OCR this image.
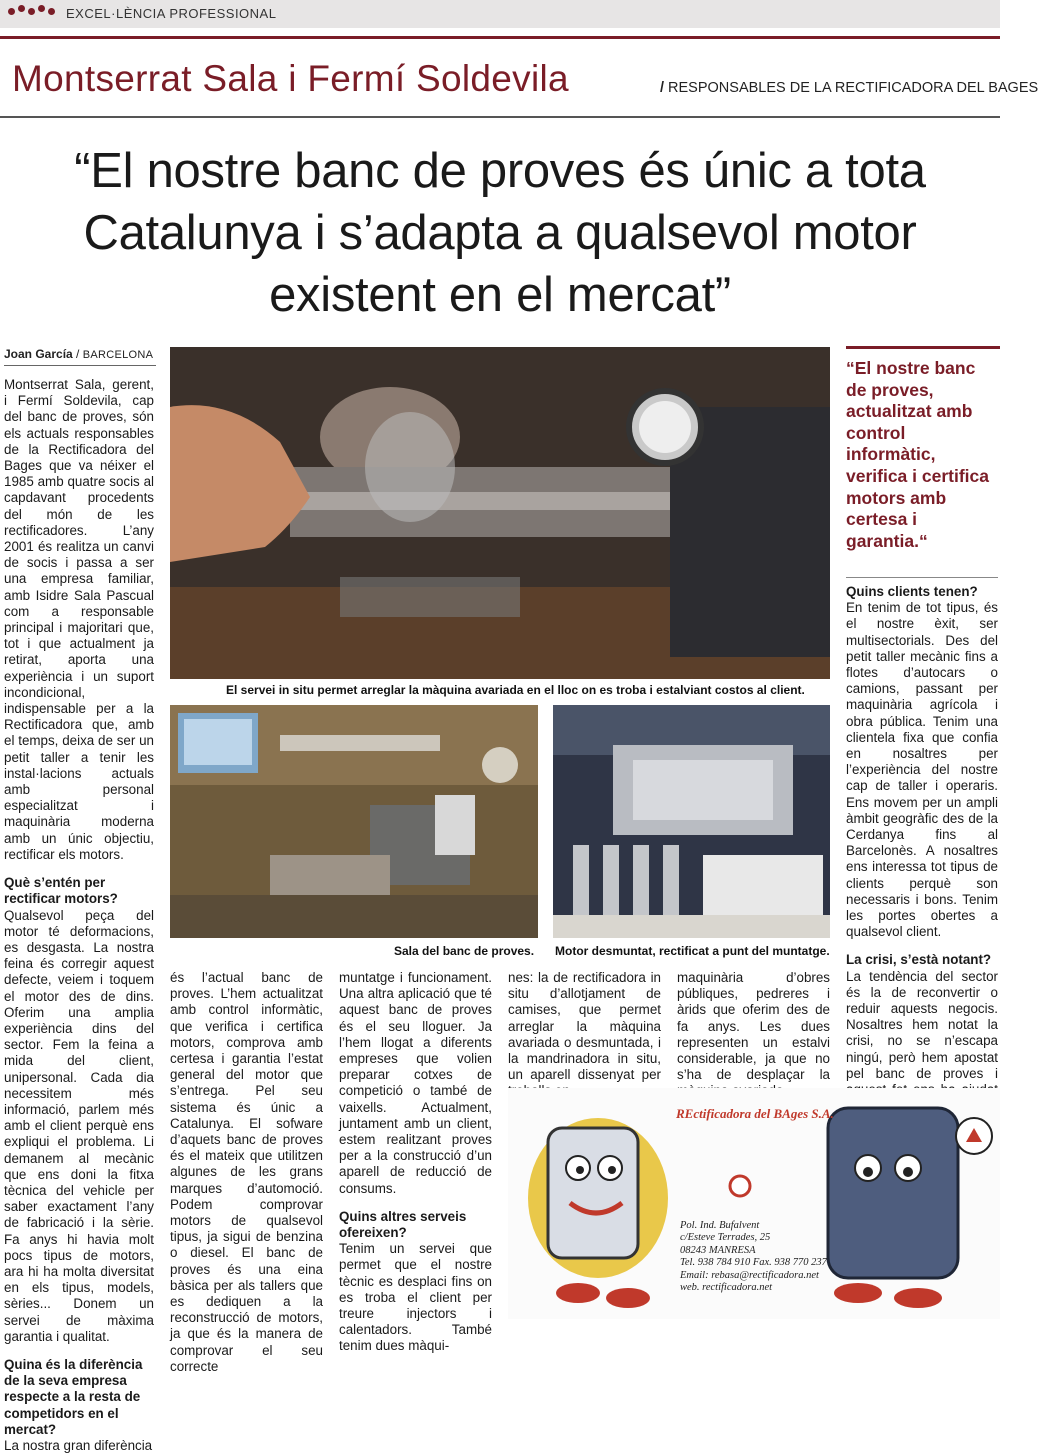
EXCEL·LÈNCIA PROFESSIONAL
Montserrat Sala i Fermí Soldevila	/ RESPONSABLES DE LA RECTIFICADORA DEL BAGES
“El nostre banc de proves és únic a tota Catalunya i s’adapta a qualsevol motor existent en el mercat”
Joan García / BARCELONA

Montserrat Sala, gerent, i Fermí Soldevila, cap del banc de proves, són els actuals responsables de la Rectificadora del Bages que va néixer el 1985 amb quatre socis al capdavant procedents del món de les rectificadores. L’any 2001 és realitza un canvi de socis i passa a ser una empresa familiar, amb Isidre Sala Pascual com a responsable principal i majoritari que, tot i que actualment ja retirat, aporta una experiència i un suport incondicional, indispensable per a la Rectificadora que, amb el temps, deixa de ser un petit taller a tenir les instal·lacions actuals amb personal especialitzat i maquinària moderna amb un únic objectiu, rectificar els motors.

Què s’entén per rectificar motors?

Qualsevol peça del motor té deformacions, es desgasta. La nostra feina és corregir aquest defecte, veiem i toquem el motor des de dins. Oferim una amplia experiència dins del sector. Fem la feina a mida del client, unipersonal. Cada dia necessitem més informació, parlem més amb el client perquè ens expliqui el problema. Li demanem al mecànic que ens doni la fitxa tècnica del vehicle per saber exactament l’any de fabricació i la sèrie. Fa anys hi havia molt pocs tipus de motors, ara hi ha molta diversitat en els tipus, models, sèries... Donem un servei de màxima garantia i qualitat.

Quina és la diferència de la seva empresa respecte a la resta de competidors en el mercat?

La nostra gran diferència

El servei in situ permet arreglar la màquina avariada en el lloc on es troba i estalviant costos al client.
Sala del banc de proves. Motor desmuntat, rectificat a punt del muntatge.

és l’actual banc de proves. L’hem actualitzat amb control informàtic, que verifica i certifica motors, comprova amb certesa i garantia l’estat general del motor que s’entrega. Pel seu sistema és únic a Catalunya. El sofware d’aquets banc de proves és el mateix que utilitzen algunes de les grans marques d’automoció. Podem comprovar motors de qualsevol tipus, ja sigui de benzina o diesel. El banc de proves és una eina bàsica per als tallers que es dediquen a la reconstrucció de motors, ja que és la manera de comprovar el seu correcte

muntatge i funcionament. Una altra aplicació que té aquest banc de proves és el seu lloguer. Ja l’hem llogat a diferents empreses que volien preparar cotxes de competició o també de vaixells. Actualment, juntament amb un client, estem realitzant proves per a la construcció d’un aparell de reducció de consums.

Quins altres serveis ofereixen?

Tenim un servei que permet que el nostre tècnic es desplaci fins on es troba el client per treure injectors i calentadors. També tenim dues màqui-

nes: la de rectificadora in situ d’allotjament de camises, que permet arreglar la màquina avariada o desmuntada, i la mandrinadora in situ, un aparell dissenyat per

maquinària d’obres públiques, pedreres i àrids que oferim des de fa anys. Les dues representen un estalvi considerable, ja que no s’ha de desplaçar la

“El nostre banc de proves, actualitzat amb control informàtic, verifica i certifica motors amb certesa i garantia.“
Quins clients tenen?

En tenim de tot tipus, és el nostre èxit, ser multisectorials. Des del petit taller mecànic fins a flotes d’autocars o camions, passant per maquinària agrícola i obra pública. Tenim una clientela fixa que confia en nosaltres per l’experiència del nostre cap de taller i operaris. Ens movem per un ampli àmbit geogràfic des de la Cerdanya fins al Barcelonès. A nosaltres ens interessa tot tipus de clients perquè son necessaris i bons. Tenim les portes obertes a qualsevol client.

La crisi, s’està notant?

La tendència del sector és la de reconvertir o reduir aquests negocis. Nosaltres hem notat la crisi, no se n’escapa ningú, però hem apostat pel banc de proves i

REctificadora del BAges S.A.
Pol. Ind. Bufalvent
c/Esteve Terrades, 25
08243 MANRESA
Tel. 938 784 910 Fax. 938 770 237
Email: rebasa@rectificadora.net
web. rectificadora.net
